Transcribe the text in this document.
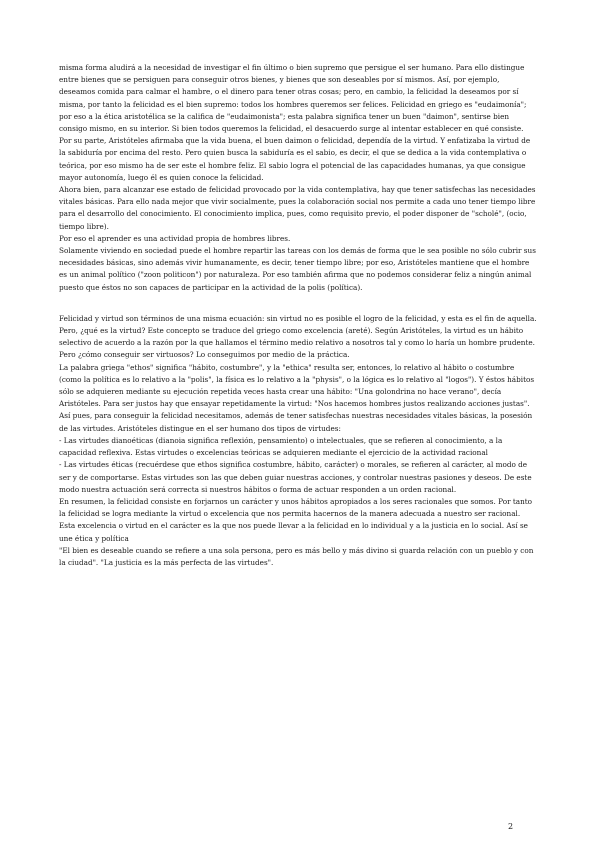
misma forma aludirá a la necesidad de investigar el fin último o bien supremo que persigue el ser humano. Para ello distingue entre bienes que se persiguen para conseguir otros bienes, y bienes que son deseables por sí mismos. Así, por ejemplo, deseamos comida para calmar el hambre, o el dinero para tener otras cosas; pero, en cambio, la felicidad la deseamos por sí misma, por tanto la felicidad es el bien supremo: todos los hombres queremos ser felices. Felicidad en griego es "eudaimonía"; por eso a la ética aristotélica se la califica de "eudaimonista"; esta palabra significa tener un buen "daimon", sentirse bien consigo mismo, en su interior. Si bien todos queremos la felicidad, el desacuerdo surge al intentar establecer en qué consiste.

Por su parte, Aristóteles afirmaba que la vida buena, el buen daimon o felicidad, dependía de la virtud. Y enfatizaba la virtud de la sabiduría por encima del resto. Pero quien busca la sabiduría es el sabio, es decir, el que se dedica a la vida contemplativa o teórica, por eso mismo ha de ser este el hombre feliz. El sabio logra el potencial de las capacidades humanas, ya que consigue mayor autonomía, luego él es quien conoce la felicidad.

Ahora bien, para alcanzar ese estado de felicidad provocado por la vida contemplativa, hay que tener satisfechas las necesidades vitales básicas. Para ello nada mejor que vivir socialmente, pues la colaboración social nos permite a cada uno tener tiempo libre para el desarrollo del conocimiento. El conocimiento implica, pues, como requisito previo, el poder disponer de "scholé", (ocio, tiempo libre).

Por eso el aprender es una actividad propia de hombres libres.

Solamente viviendo en sociedad puede el hombre repartir las tareas con los demás de forma que le sea posible no sólo cubrir sus necesidades básicas, sino además vivir humanamente, es decir, tener tiempo libre; por eso, Aristóteles mantiene que el hombre es un animal político ("zoon politicon") por naturaleza. Por eso también afirma que no podemos considerar feliz a ningún animal puesto que éstos no son capaces de participar en la actividad de la polis (política).

Felicidad y virtud son términos de una misma ecuación: sin virtud no es posible el logro de la felicidad, y esta es el fin de aquella. Pero, ¿qué es la virtud? Este concepto se traduce del griego como excelencia (areté). Según Aristóteles, la virtud es un hábito selectivo de acuerdo a la razón por la que hallamos el término medio relativo a nosotros tal y como lo haría un hombre prudente. Pero ¿cómo conseguir ser virtuosos? Lo conseguimos por medio de la práctica.

La palabra griega "ethos" significa "hábito, costumbre", y la "ethica" resulta ser, entonces, lo relativo al hábito o costumbre (como la política es lo relativo a la "polis", la física es lo relativo a la "physis", o la lógica es lo relativo al "logos"). Y éstos hábitos sólo se adquieren mediante su ejecución repetida veces hasta crear una hábito: "Una golondrina no hace verano", decía Aristóteles. Para ser justos hay que ensayar repetidamente la virtud: "Nos hacemos hombres justos realizando acciones justas".

Así pues, para conseguir la felicidad necesitamos, además de tener satisfechas nuestras necesidades vitales básicas, la posesión de las virtudes. Aristóteles distingue en el ser humano dos tipos de virtudes:

- Las virtudes dianoéticas (dianoia significa reflexión, pensamiento) o intelectuales, que se refieren al conocimiento, a la capacidad reflexiva. Estas virtudes o excelencias teóricas se adquieren mediante el ejercicio de la actividad racional

- Las virtudes éticas (recuérdese que ethos significa costumbre, hábito, carácter) o morales, se refieren al carácter, al modo de ser y de comportarse. Estas virtudes son las que deben guiar nuestras acciones, y controlar nuestras pasiones y deseos. De este modo nuestra actuación será correcta si nuestros hábitos o forma de actuar responden a un orden racional.

En resumen, la felicidad consiste en forjarnos un carácter y unos hábitos apropiados a los seres racionales que somos. Por tanto la felicidad se logra mediante la virtud o excelencia que nos permita hacernos de la manera adecuada a nuestro ser racional. Esta excelencia o virtud en el carácter es la que nos puede llevar a la felicidad en lo individual y a la justicia en lo social. Así se une ética y política

"El bien es deseable cuando se refiere a una sola persona, pero es más bello y más divino si guarda relación con un pueblo y con la ciudad". "La justicia es la más perfecta de las virtudes".

2
